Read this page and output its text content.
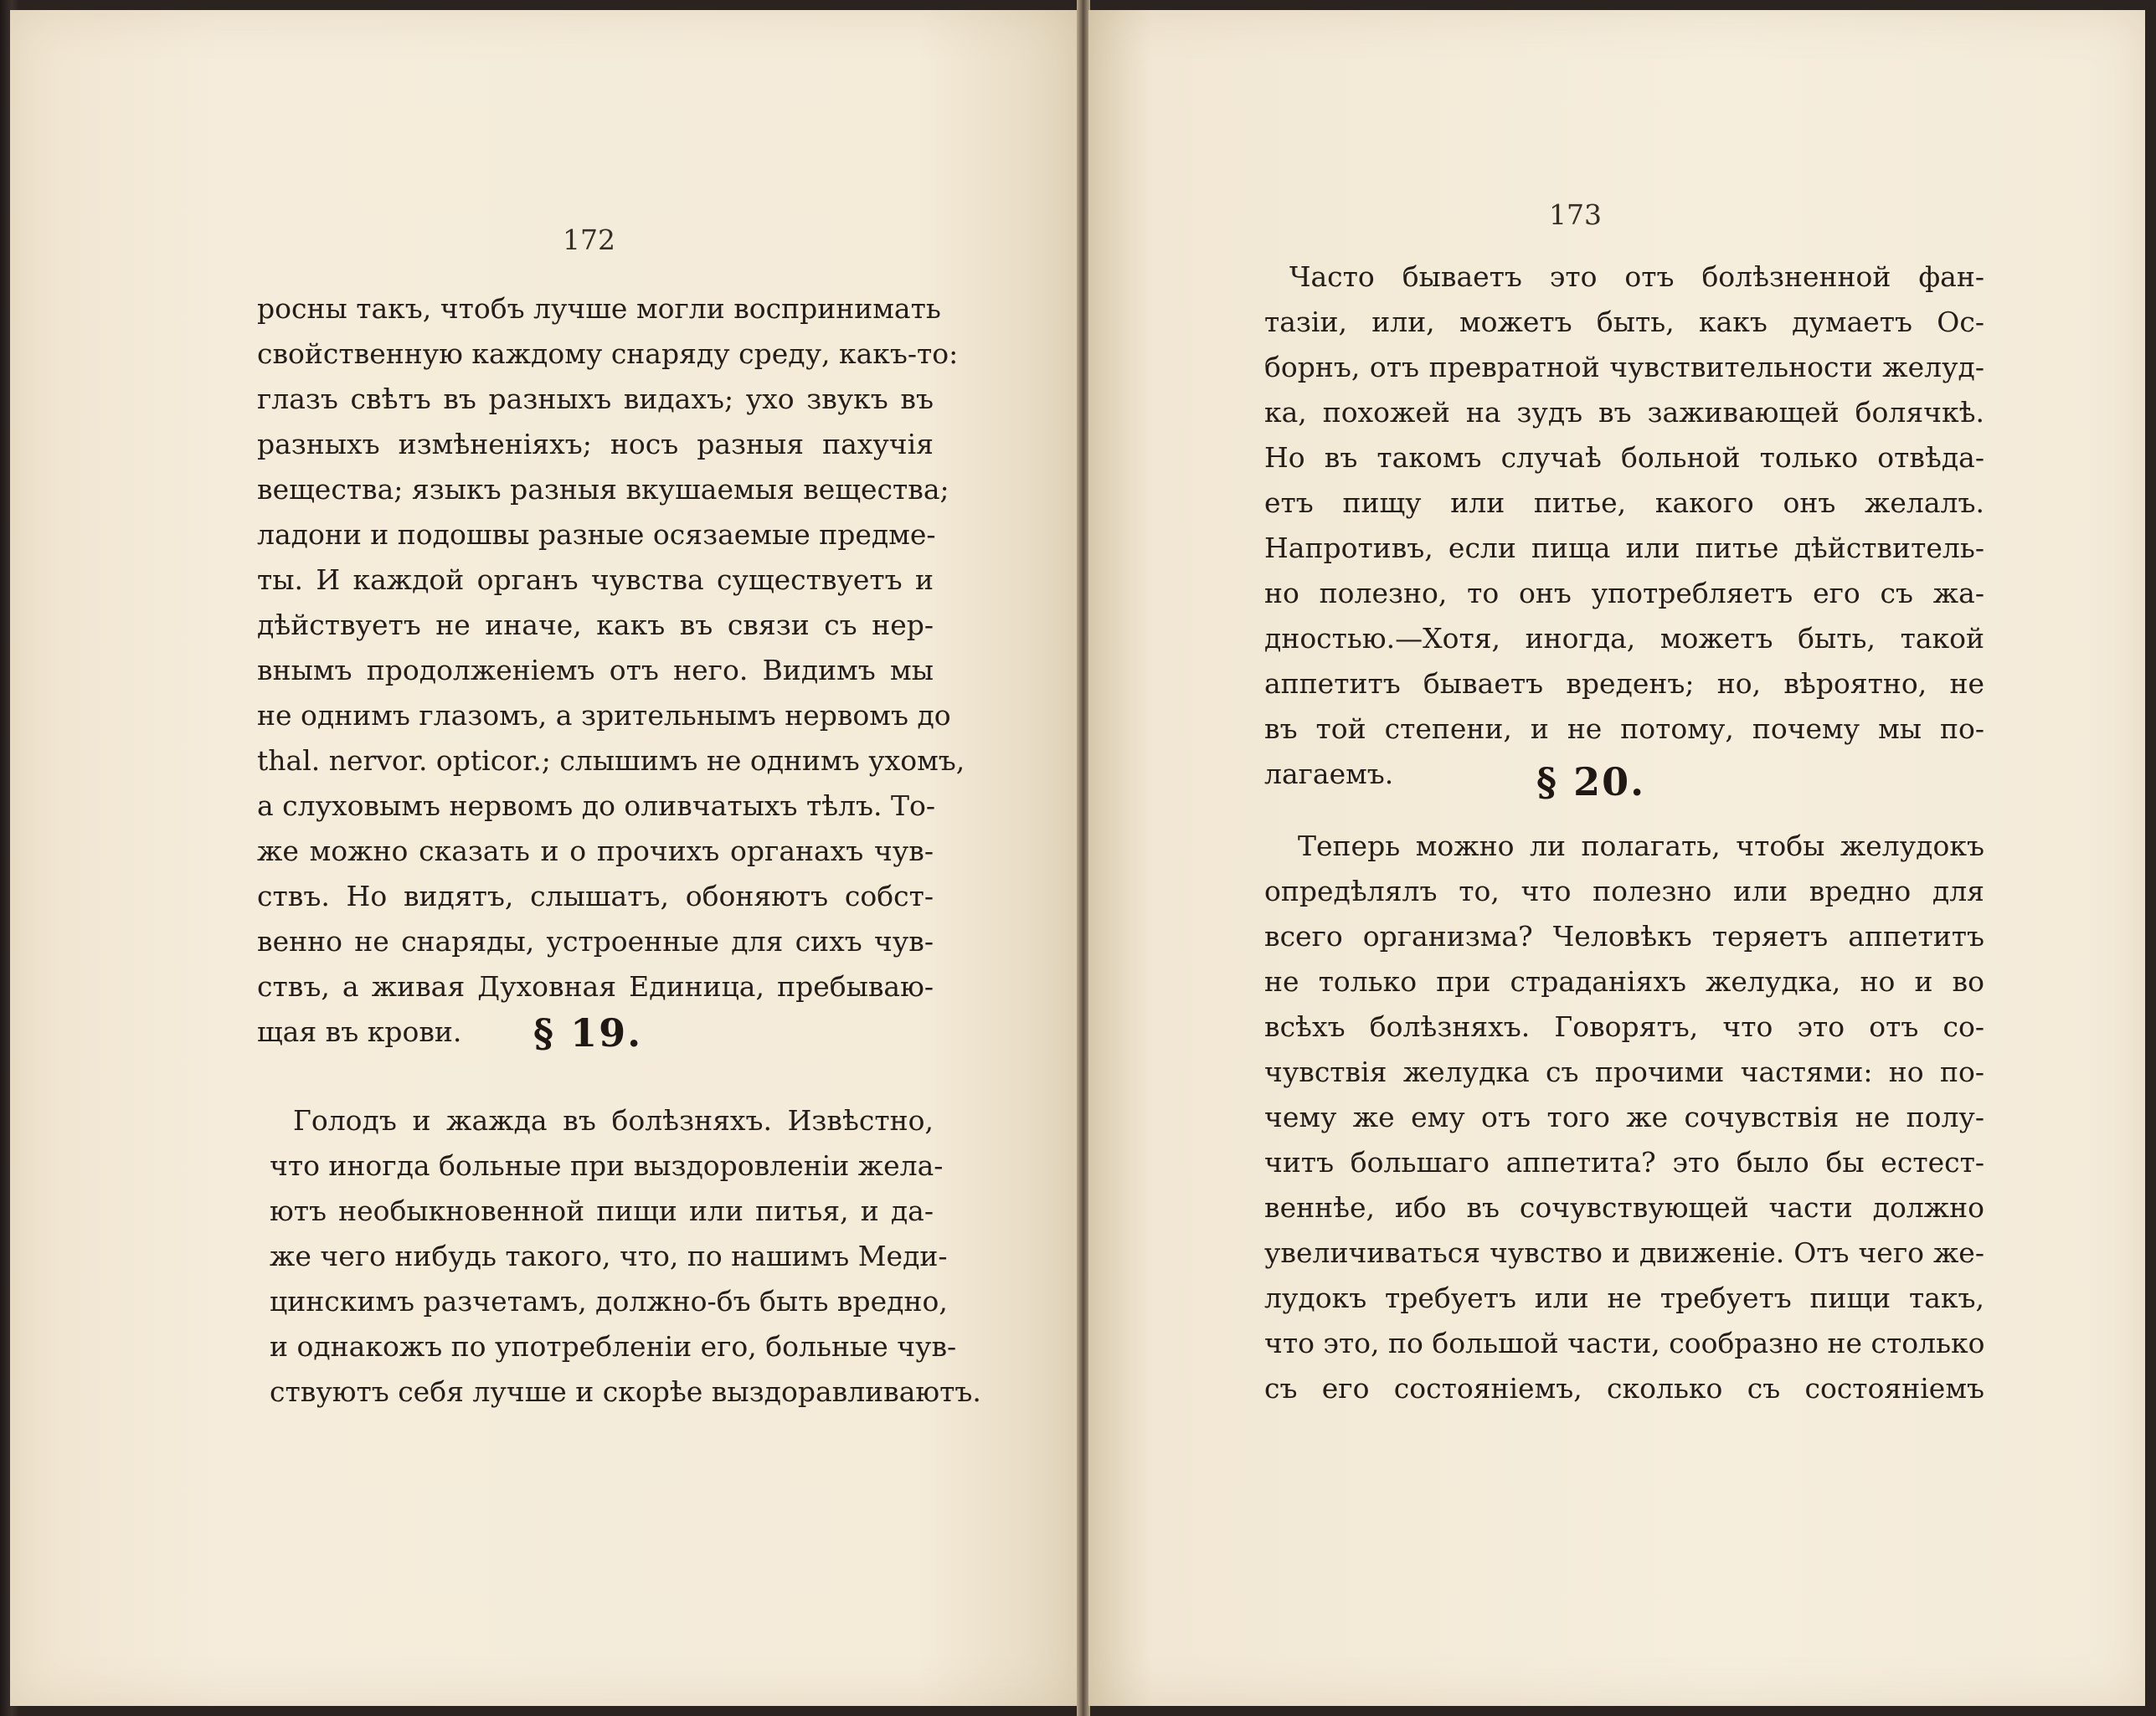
172
росны такъ, чтобъ лучше могли воспринимать
свойственную каждому снаряду среду, какъ-то:
глазъ свѣтъ въ разныхъ видахъ; ухо звукъ въ
разныхъ измѣненіяхъ; носъ разныя пахучія
вещества; языкъ разныя вкушаемыя вещества;
ладони и подошвы разные осязаемые предме-
ты. И каждой органъ чувства существуетъ и
дѣйствуетъ не иначе, какъ въ связи съ нер-
внымъ продолженіемъ отъ него. Видимъ мы
не однимъ глазомъ, а зрительнымъ нервомъ до
thal. nervor. opticor.; слышимъ не однимъ ухомъ,
а слуховымъ нервомъ до оливчатыхъ тѣлъ. То-
же можно сказать и о прочихъ органахъ чув-
ствъ. Но видятъ, слышатъ, обоняютъ собст-
венно не снаряды, устроенные для сихъ чув-
ствъ, а живая Духовная Единица, пребываю-
щая въ крови.	§ 19.
Голодъ и жажда въ болѣзняхъ. Извѣстно,
что иногда больные при выздоровленіи жела-
ютъ необыкновенной пищи или питья, и да-
же чего нибудь такого, что, по нашимъ Меди-
цинскимъ разчетамъ, должно-бъ быть вредно,
и однакожъ по употребленіи его, больные чув-
ствуютъ себя лучше и скорѣе выздоравливаютъ.
173
Часто бываетъ это отъ болѣзненной фан-
тазіи, или, можетъ быть, какъ думаетъ Ос-
борнъ, отъ превратной чувствительности желуд-
ка, похожей на зудъ въ заживающей болячкѣ.
Но въ такомъ случаѣ больной только отвѣда-
етъ пищу или питье, какого онъ желалъ.
Напротивъ, если пища или питье дѣйствитель-
но полезно, то онъ употребляетъ его съ жа-
дностью.—Хотя, иногда, можетъ быть, такой
аппетитъ бываетъ вреденъ; но, вѣроятно, не
въ той степени, и не потому, почему мы по-
лагаемъ.	§ 20.
Теперь можно ли полагать, чтобы желудокъ
опредѣлялъ то, что полезно или вредно для
всего организма? Человѣкъ теряетъ аппетитъ
не только при страданіяхъ желудка, но и во
всѣхъ болѣзняхъ. Говорятъ, что это отъ со-
чувствія желудка съ прочими частями: но по-
чему же ему отъ того же сочувствія не полу-
читъ большаго аппетита? это было бы естест-
веннѣе, ибо въ сочувствующей части должно
увеличиваться чувство и движеніе. Отъ чего же-
лудокъ требуетъ или не требуетъ пищи такъ,
что это, по большой части, сообразно не столько
съ его состояніемъ, сколько съ состояніемъ
